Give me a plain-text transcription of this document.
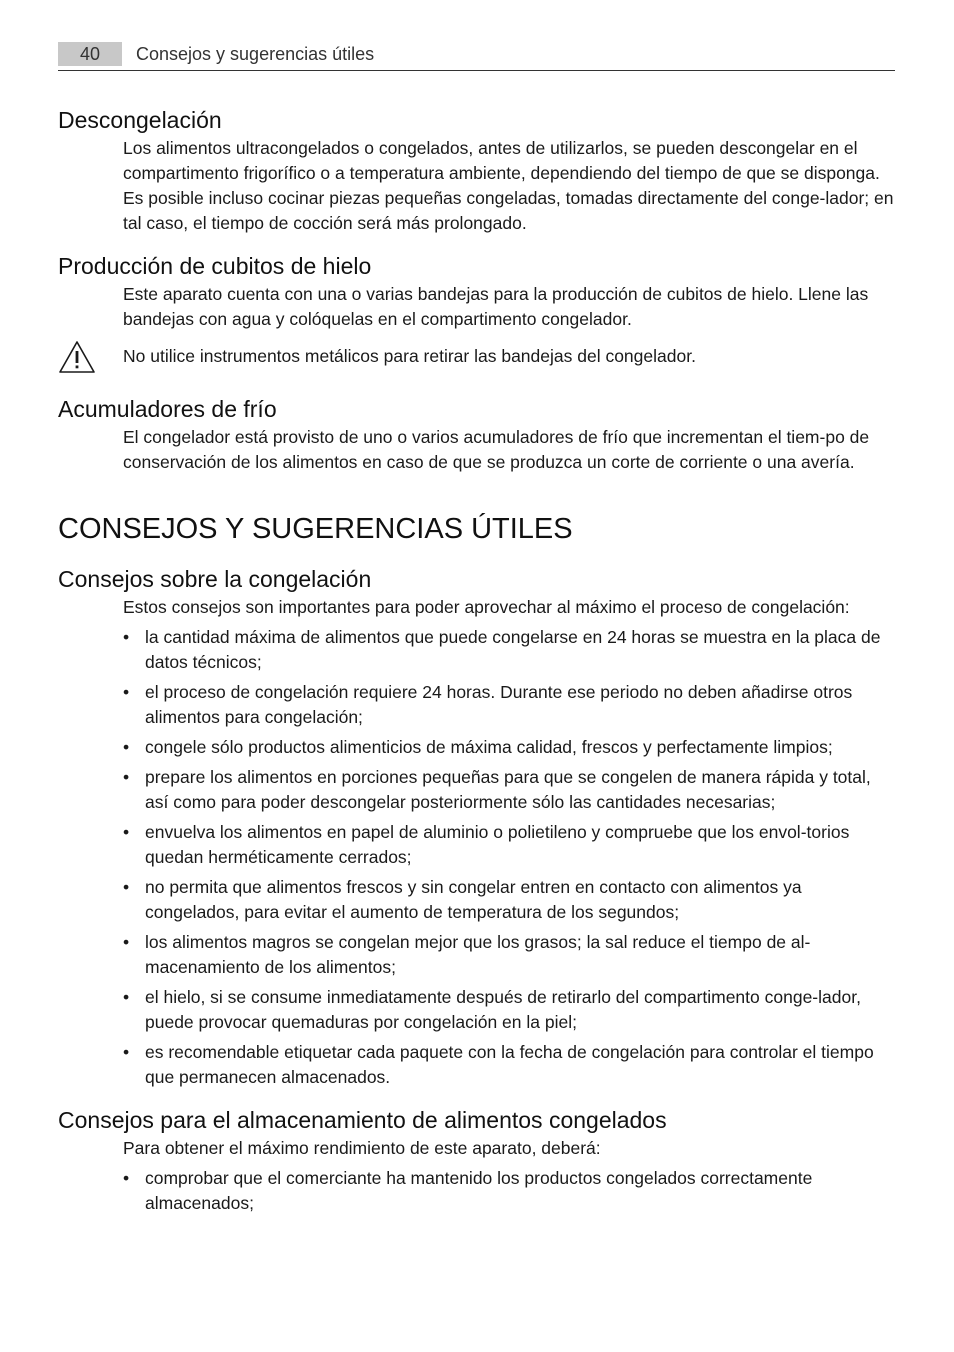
40	Consejos y sugerencias útiles
Descongelación

Los alimentos ultracongelados o congelados, antes de utilizarlos, se pueden descongelar en el compartimento frigorífico o a temperatura ambiente, dependiendo del tiempo de que se disponga.

Es posible incluso cocinar piezas pequeñas congeladas, tomadas directamente del conge-lador; en tal caso, el tiempo de cocción será más prolongado.

Producción de cubitos de hielo

Este aparato cuenta con una o varias bandejas para la producción de cubitos de hielo. Llene las bandejas con agua y colóquelas en el compartimento congelador.

No utilice instrumentos metálicos para retirar las bandejas del congelador.

Acumuladores de frío

El congelador está provisto de uno o varios acumuladores de frío que incrementan el tiem-po de conservación de los alimentos en caso de que se produzca un corte de corriente o una avería.

CONSEJOS Y SUGERENCIAS ÚTILES
Consejos sobre la congelación

Estos consejos son importantes para poder aprovechar al máximo el proceso de congelación:

• la cantidad máxima de alimentos que puede congelarse en 24 horas se muestra en la placa de datos técnicos;
• el proceso de congelación requiere 24 horas. Durante ese periodo no deben añadirse otros alimentos para congelación;
• congele sólo productos alimenticios de máxima calidad, frescos y perfectamente limpios;
• prepare los alimentos en porciones pequeñas para que se congelen de manera rápida y total, así como para poder descongelar posteriormente sólo las cantidades necesarias;
• envuelva los alimentos en papel de aluminio o polietileno y compruebe que los envol-torios quedan herméticamente cerrados;
• no permita que alimentos frescos y sin congelar entren en contacto con alimentos ya congelados, para evitar el aumento de temperatura de los segundos;
• los alimentos magros se congelan mejor que los grasos; la sal reduce el tiempo de al-macenamiento de los alimentos;
• el hielo, si se consume inmediatamente después de retirarlo del compartimento conge-lador, puede provocar quemaduras por congelación en la piel;
• es recomendable etiquetar cada paquete con la fecha de congelación para controlar el tiempo que permanecen almacenados.
Consejos para el almacenamiento de alimentos congelados

Para obtener el máximo rendimiento de este aparato, deberá:

• comprobar que el comerciante ha mantenido los productos congelados correctamente almacenados;
